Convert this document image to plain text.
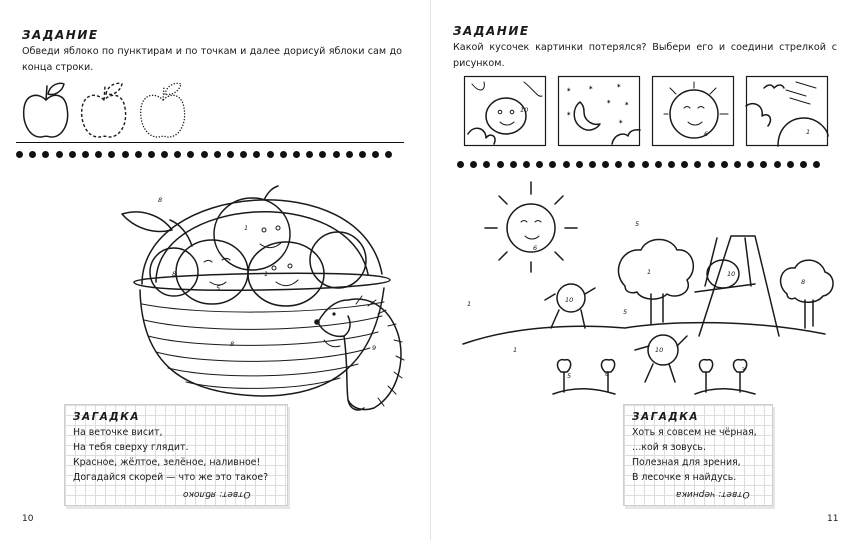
ЗАДАНИЕ
Обведи яблоко по пунктирам и по точкам и далее дорисуй яблоки сам до конца строки.
8
1
8
5
1
8	9
ЗАГАДКА
На веточке висит,
На тебя сверху глядит.
Красное, жёлтое, зелёное, наливное!
Догадайся скорей — что же это такое?
Ответ: яблоко
10
ЗАДАНИЕ
Какой кусочек картинки потерялся? Выбери его и соедини стрелкой с рисунком.
10
✶	✶	✶
✶
✶
✶
✶
6	1
10
10
10
6
1
5
8
1
5
1
6	3
5
ЗАГАДКА
Хоть я совсем не чёрная,
…кой я зовусь.
Полезная для зрения,
В лесочке я найдусь.
Ответ: черника
11
